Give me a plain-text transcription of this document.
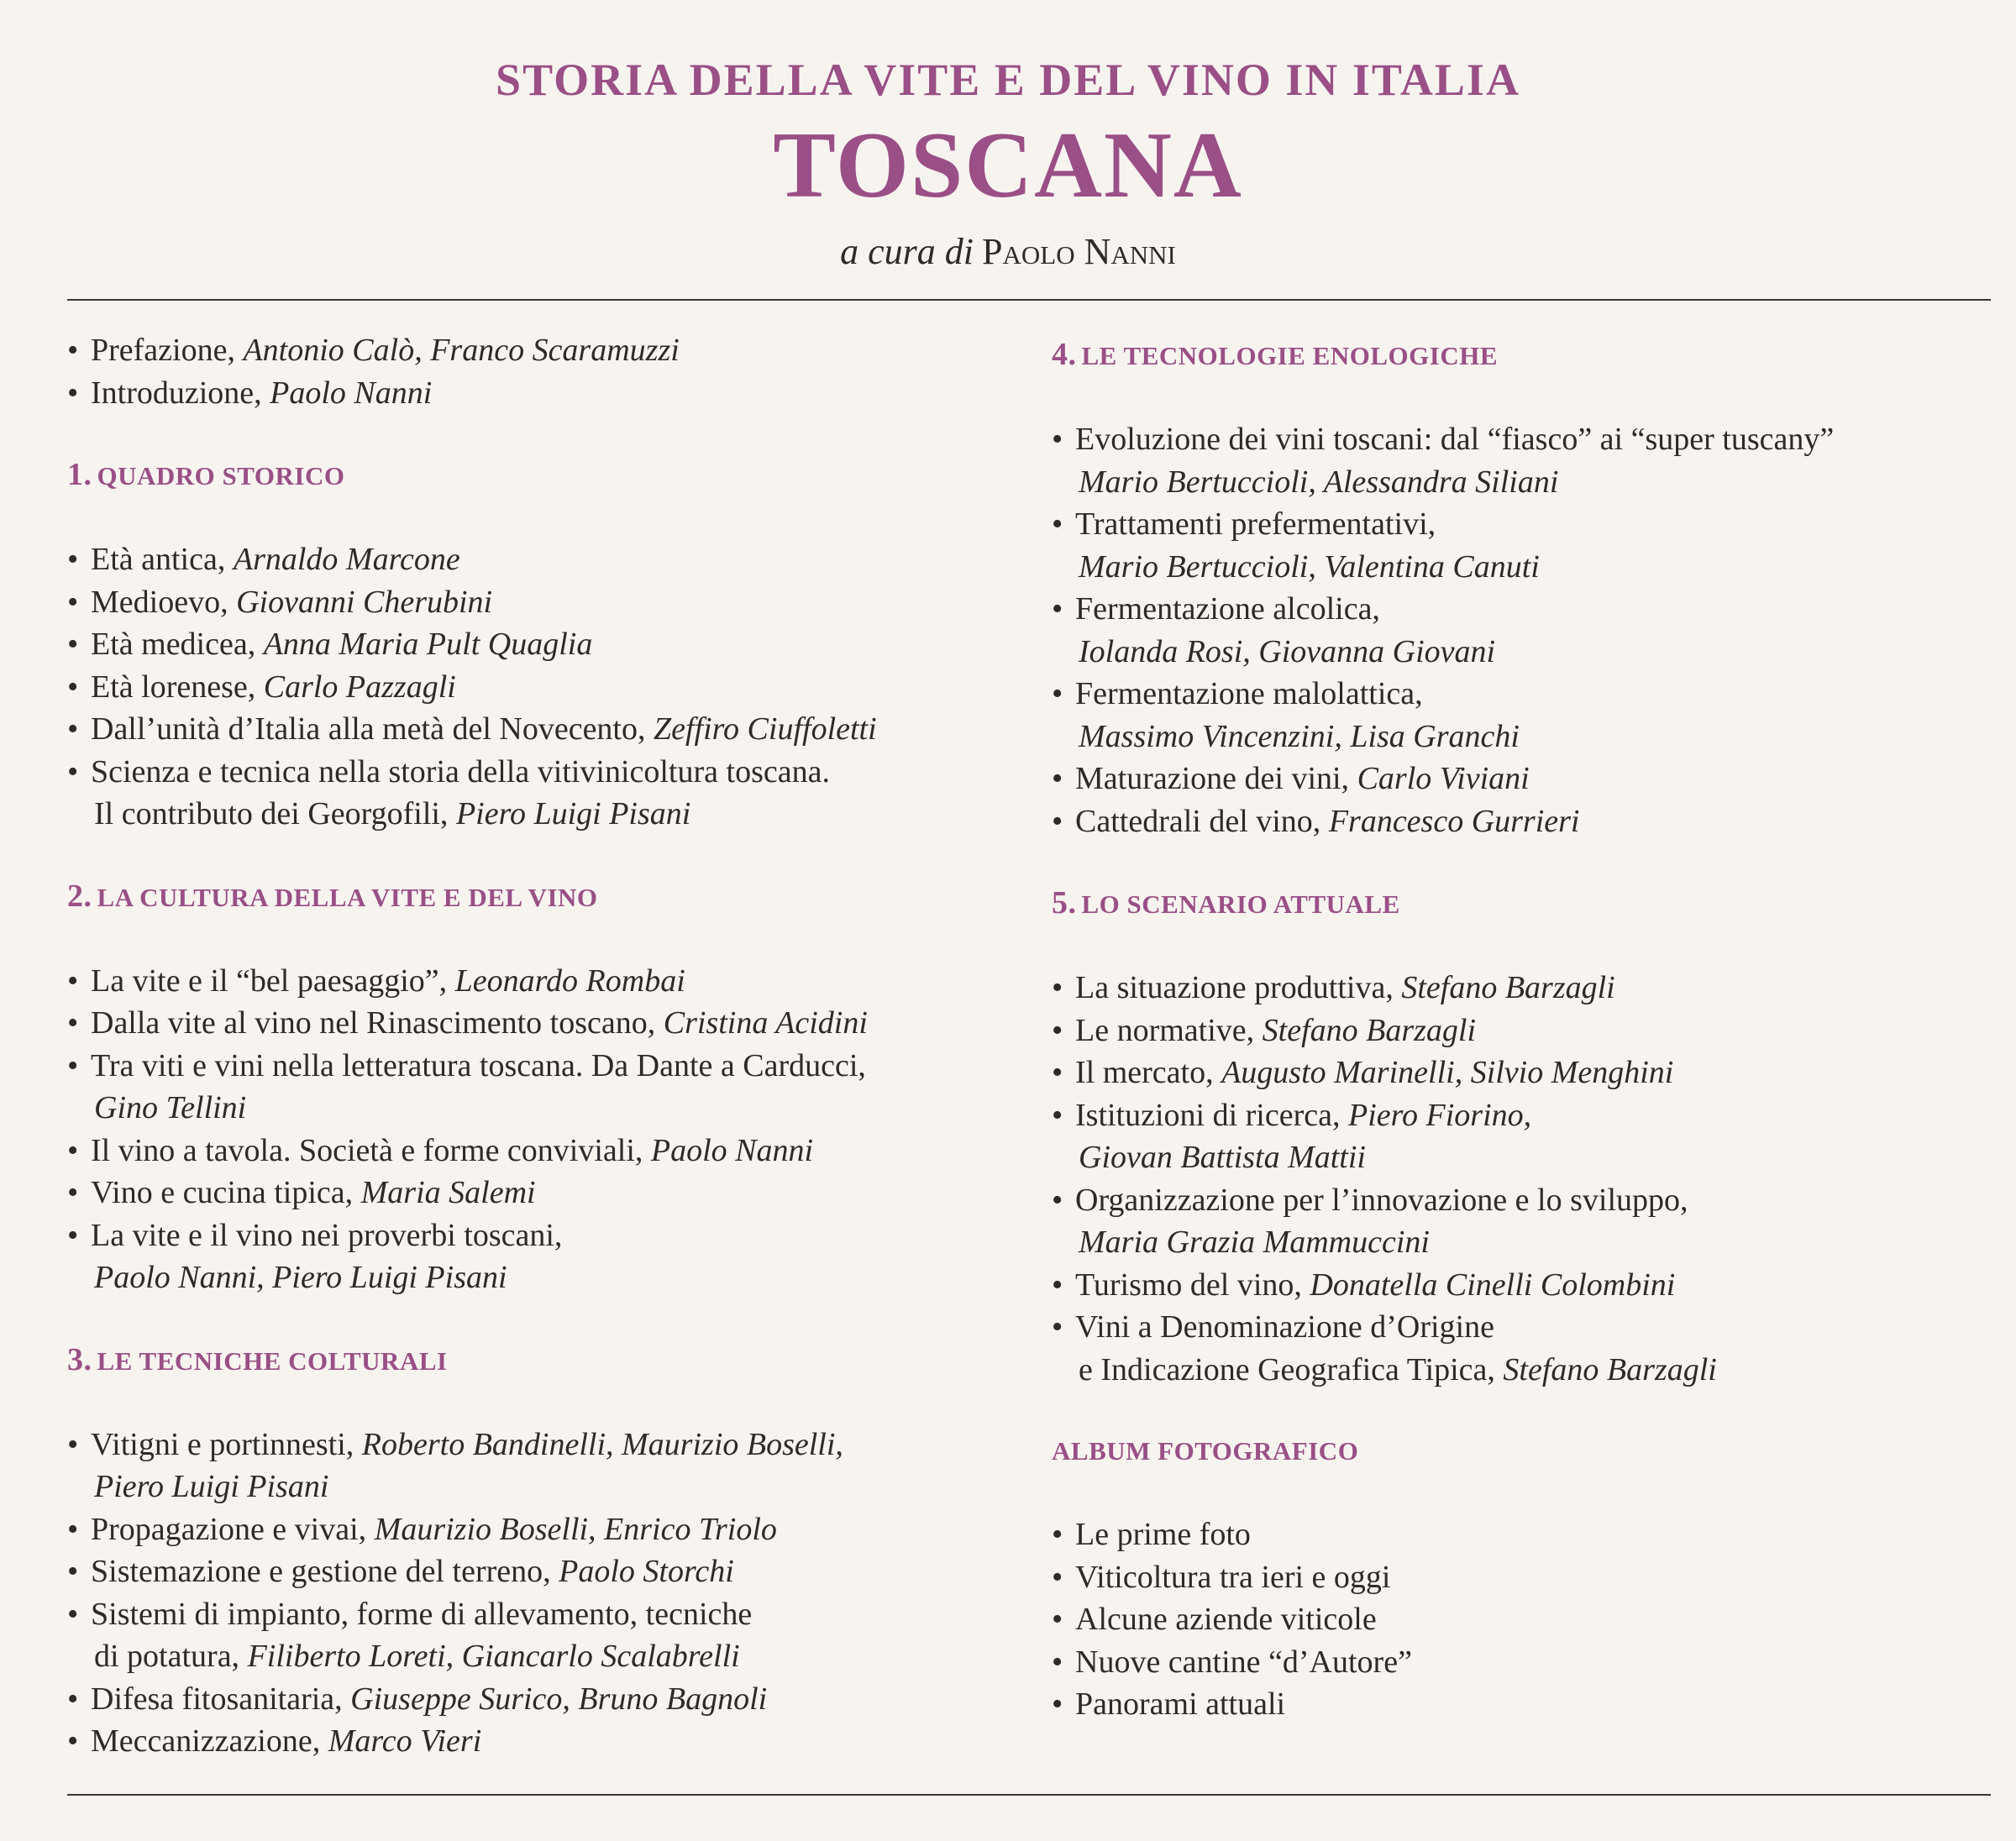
STORIA DELLA VITE E DEL VINO IN ITALIA
TOSCANA
a cura di Paolo Nanni
• Prefazione, Antonio Calò, Franco Scaramuzzi
• Introduzione, Paolo Nanni
1. QUADRO STORICO
• Età antica, Arnaldo Marcone
• Medioevo, Giovanni Cherubini
• Età medicea, Anna Maria Pult Quaglia
• Età lorenese, Carlo Pazzagli
• Dall’unità d’Italia alla metà del Novecento, Zeffiro Ciuffoletti
• Scienza e tecnica nella storia della vitivinicoltura toscana.
Il contributo dei Georgofili, Piero Luigi Pisani
2. LA CULTURA DELLA VITE E DEL VINO
• La vite e il “bel paesaggio”, Leonardo Rombai
• Dalla vite al vino nel Rinascimento toscano, Cristina Acidini
• Tra viti e vini nella letteratura toscana. Da Dante a Carducci,
Gino Tellini
• Il vino a tavola. Società e forme conviviali, Paolo Nanni
• Vino e cucina tipica, Maria Salemi
• La vite e il vino nei proverbi toscani,
Paolo Nanni, Piero Luigi Pisani
3. LE TECNICHE COLTURALI
• Vitigni e portinnesti, Roberto Bandinelli, Maurizio Boselli,
Piero Luigi Pisani
• Propagazione e vivai, Maurizio Boselli, Enrico Triolo
• Sistemazione e gestione del terreno, Paolo Storchi
• Sistemi di impianto, forme di allevamento, tecniche
di potatura, Filiberto Loreti, Giancarlo Scalabrelli
• Difesa fitosanitaria, Giuseppe Surico, Bruno Bagnoli
• Meccanizzazione, Marco Vieri
4. LE TECNOLOGIE ENOLOGICHE
• Evoluzione dei vini toscani: dal “fiasco” ai “super tuscany”
Mario Bertuccioli, Alessandra Siliani
• Trattamenti prefermentativi,
Mario Bertuccioli, Valentina Canuti
• Fermentazione alcolica,
Iolanda Rosi, Giovanna Giovani
• Fermentazione malolattica,
Massimo Vincenzini, Lisa Granchi
• Maturazione dei vini, Carlo Viviani
• Cattedrali del vino, Francesco Gurrieri
5. LO SCENARIO ATTUALE
• La situazione produttiva, Stefano Barzagli
• Le normative, Stefano Barzagli
• Il mercato, Augusto Marinelli, Silvio Menghini
• Istituzioni di ricerca, Piero Fiorino,
Giovan Battista Mattii
• Organizzazione per l’innovazione e lo sviluppo,
Maria Grazia Mammuccini
• Turismo del vino, Donatella Cinelli Colombini
• Vini a Denominazione d’Origine
e Indicazione Geografica Tipica, Stefano Barzagli
ALBUM FOTOGRAFICO
• Le prime foto
• Viticoltura tra ieri e oggi
• Alcune aziende viticole
• Nuove cantine “d’Autore”
• Panorami attuali
